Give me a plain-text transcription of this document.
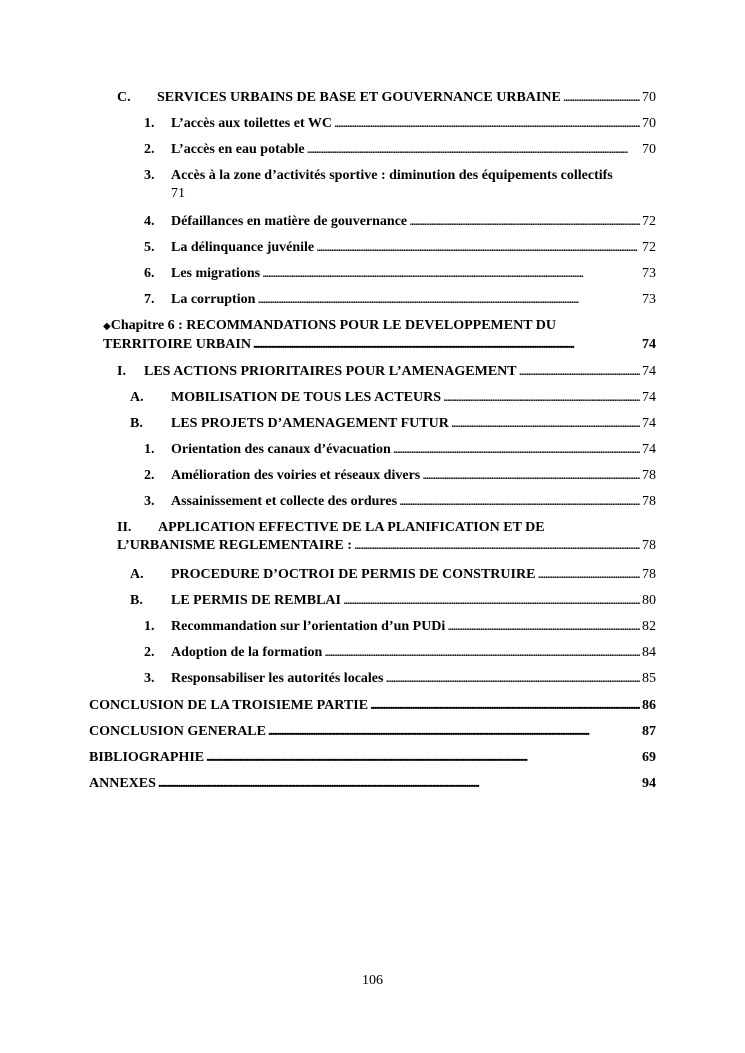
C.	SERVICES URBAINS DE BASE ET GOUVERNANCE URBAINE . . .	70
1.	L’accès aux toilettes et WC . . .	70
2.	L’accès en eau potable . . .	70
3.	Accès à la zone d’activités sportive : diminution des équipements collectifs
71
4.	Défaillances en matière de gouvernance . . .	72
5.	La délinquance juvénile . . .	72
6.	Les migrations . . .	73
7.	La corruption . . .	73
◆ Chapitre 6 : RECOMMANDATIONS POUR LE DEVELOPPEMENT DU
TERRITOIRE URBAIN . . .	74
I.	LES ACTIONS PRIORITAIRES POUR L’AMENAGEMENT . . .	74
A.	MOBILISATION DE TOUS LES ACTEURS . . .	74
B.	LES PROJETS D’AMENAGEMENT FUTUR . . .	74
1.	Orientation des canaux d’évacuation . . .	74
2.	Amélioration des voiries et réseaux divers . . .	78
3.	Assainissement et collecte des ordures . . .	78
II.	APPLICATION EFFECTIVE DE LA PLANIFICATION ET DE
L’URBANISME REGLEMENTAIRE : . . .	78
A.	PROCEDURE D’OCTROI DE PERMIS DE CONSTRUIRE . . .	78
B.	LE PERMIS DE REMBLAI . . .	80
1.	Recommandation sur l’orientation d’un PUDi . . .	82
2.	Adoption de la formation . . .	84
3.	Responsabiliser les autorités locales . . .	85
CONCLUSION DE LA TROISIEME PARTIE . . .	86
CONCLUSION GENERALE . . .	87
BIBLIOGRAPHIE . . .	69
ANNEXES . . .	94
106
